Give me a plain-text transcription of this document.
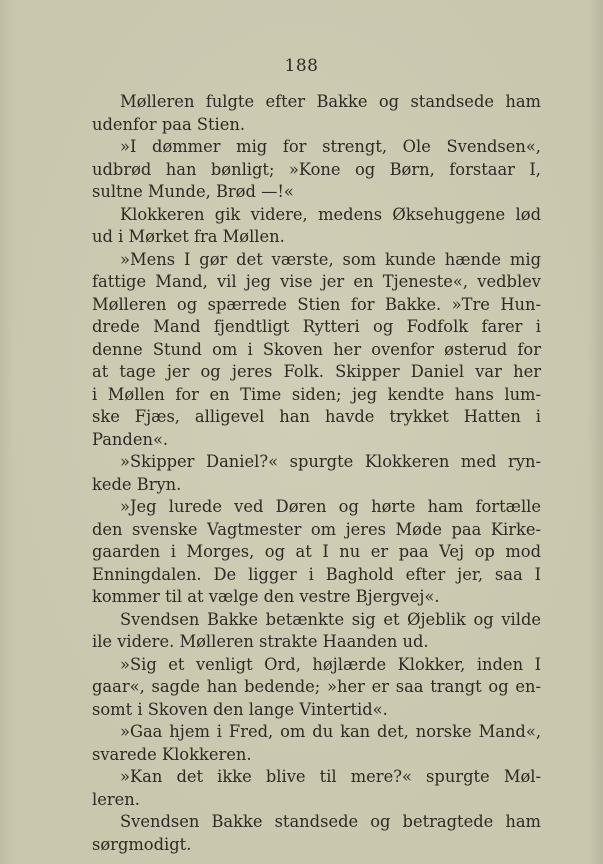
188
Mølleren fulgte efter Bakke og standsede ham
udenfor paa Stien.
»I dømmer mig for strengt, Ole Svendsen«,
udbrød han bønligt; »Kone og Børn, forstaar I,
sultne Munde, Brød —!«
Klokkeren gik videre, medens Øksehuggene lød
ud i Mørket fra Møllen.
»Mens I gør det værste, som kunde hænde mig
fattige Mand, vil jeg vise jer en Tjeneste«, vedblev
Mølleren og spærrede Stien for Bakke. »Tre Hun-
drede Mand fjendtligt Rytteri og Fodfolk farer i
denne Stund om i Skoven her ovenfor østerud for
at tage jer og jeres Folk. Skipper Daniel var her
i Møllen for en Time siden; jeg kendte hans lum-
ske Fjæs, alligevel han havde trykket Hatten i
Panden«.
»Skipper Daniel?« spurgte Klokkeren med ryn-
kede Bryn.
»Jeg lurede ved Døren og hørte ham fortælle
den svenske Vagtmester om jeres Møde paa Kirke-
gaarden i Morges, og at I nu er paa Vej op mod
Enningdalen. De ligger i Baghold efter jer, saa I
kommer til at vælge den vestre Bjergvej«.
Svendsen Bakke betænkte sig et Øjeblik og vilde
ile videre. Mølleren strakte Haanden ud.
»Sig et venligt Ord, højlærde Klokker, inden I
gaar«, sagde han bedende; »her er saa trangt og en-
somt i Skoven den lange Vintertid«.
»Gaa hjem i Fred, om du kan det, norske Mand«,
svarede Klokkeren.
»Kan det ikke blive til mere?« spurgte Møl-
leren.
Svendsen Bakke standsede og betragtede ham
sørgmodigt.
